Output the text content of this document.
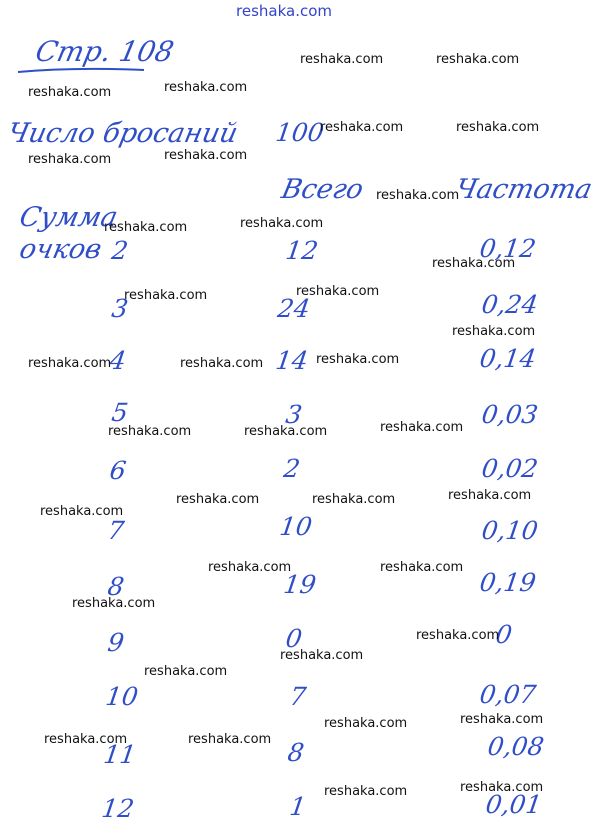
reshaka.com
Стр. 108
Число бросаний 100
Всего	Частота
Сумма
очков 2	12	0,12
3	24	0,24
4	14	0,14
5	3	0,03
6	2	0,02
7	10	0,10
8	19	0,19
9	0	0
10	7	0,07
11	8	0,08
12	1	0,01
reshaka.com	reshaka.com
reshaka.com	reshaka.com
reshaka.com	reshaka.com
reshaka.com	reshaka.com
reshaka.com
reshaka.com	reshaka.com
reshaka.com
reshaka.com	reshaka.com
reshaka.com
reshaka.com	reshaka.com	reshaka.com
reshaka.com	reshaka.com	reshaka.com
reshaka.com	reshaka.com	reshaka.com
reshaka.com
reshaka.com	reshaka.com
reshaka.com
reshaka.com
reshaka.com
reshaka.com
reshaka.com
reshaka.com
reshaka.com	reshaka.com
reshaka.com
reshaka.com
